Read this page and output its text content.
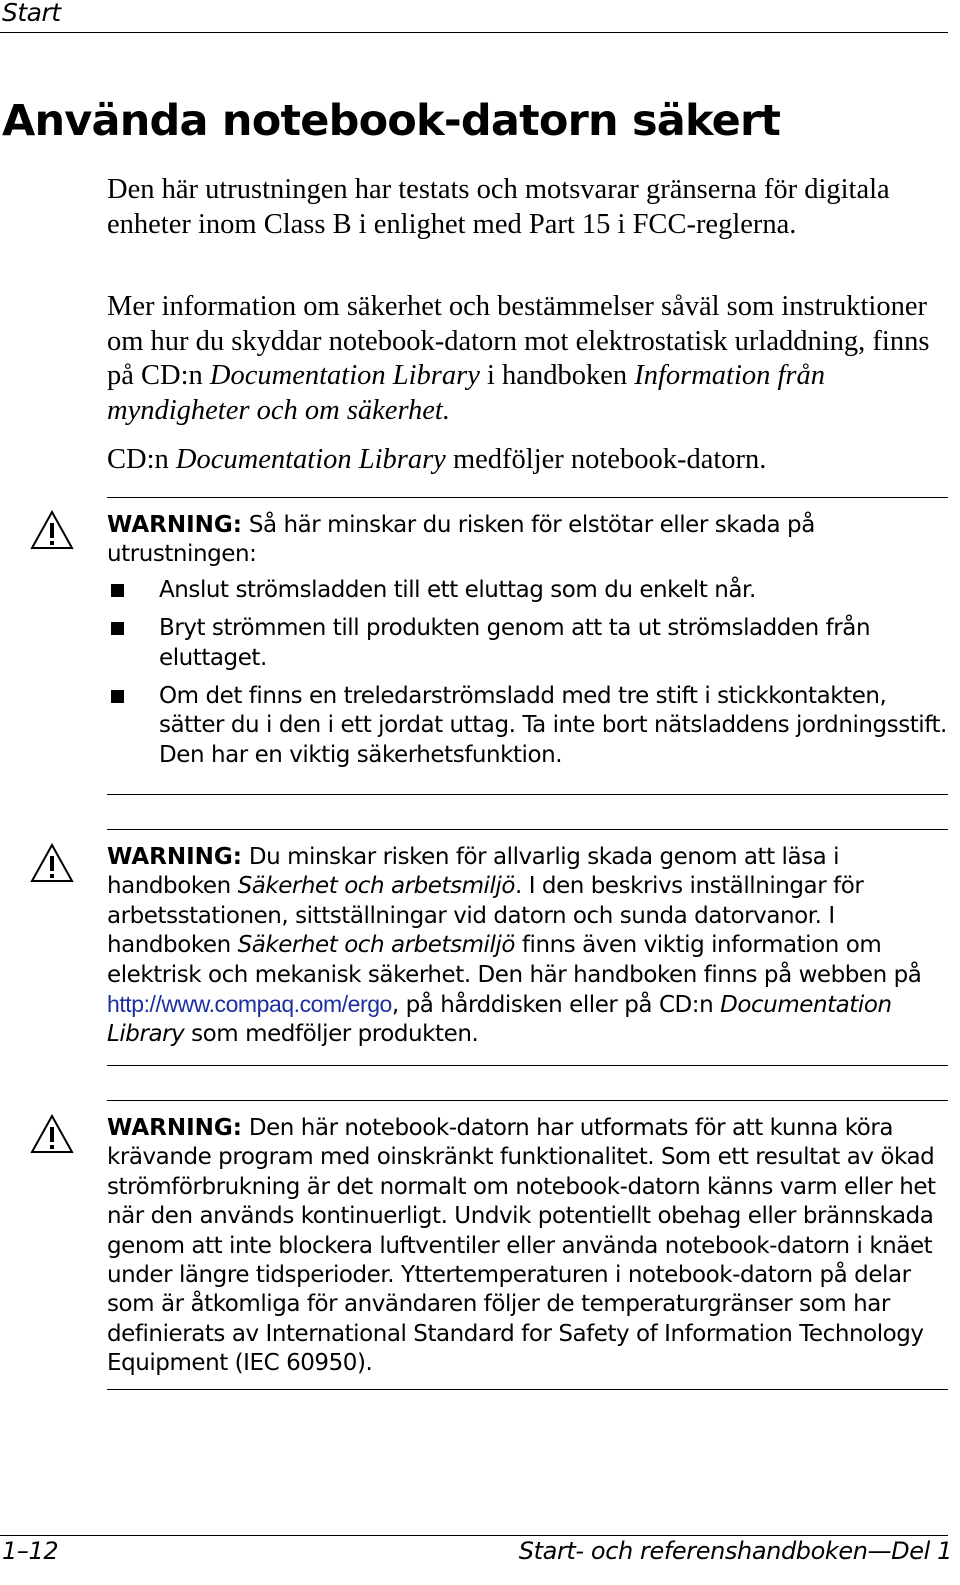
Start
Använda notebook-datorn säkert

Den här utrustningen har testats och motsvarar gränserna för digitala enheter inom Class B i enlighet med Part 15 i FCC-reglerna.

Mer information om säkerhet och bestämmelser såväl som instruktioner om hur du skyddar notebook-datorn mot elektrostatisk urladdning, finns på CD:n Documentation Library i handboken Information från myndigheter och om säkerhet.

CD:n Documentation Library medföljer notebook-datorn.

WARNING: Så här minskar du risken för elstötar eller skada på utrustningen:

Anslut strömsladden till ett eluttag som du enkelt når.
Bryt strömmen till produkten genom att ta ut strömsladden från eluttaget.
Om det finns en treledarströmsladd med tre stift i stickkontakten, sätter du i den i ett jordat uttag. Ta inte bort nätsladdens jordningsstift. Den har en viktig säkerhetsfunktion.

WARNING: Du minskar risken för allvarlig skada genom att läsa i handboken Säkerhet och arbetsmiljö. I den beskrivs inställningar för arbetsstationen, sittställningar vid datorn och sunda datorvanor. I handboken Säkerhet och arbetsmiljö finns även viktig information om elektrisk och mekanisk säkerhet. Den här handboken finns på webben på http://www.compaq.com/ergo, på hårddisken eller på CD:n Documentation Library som medföljer produkten.

WARNING: Den här notebook-datorn har utformats för att kunna köra krävande program med oinskränkt funktionalitet. Som ett resultat av ökad strömförbrukning är det normalt om notebook-datorn känns varm eller het när den används kontinuerligt. Undvik potentiellt obehag eller brännskada genom att inte blockera luftventiler eller använda notebook-datorn i knäet under längre tidsperioder. Yttertemperaturen i notebook-datorn på delar som är åtkomliga för användaren följer de temperaturgränser som har definierats av International Standard for Safety of Information Technology Equipment (IEC 60950).

1–12	Start- och referenshandboken—Del 1
